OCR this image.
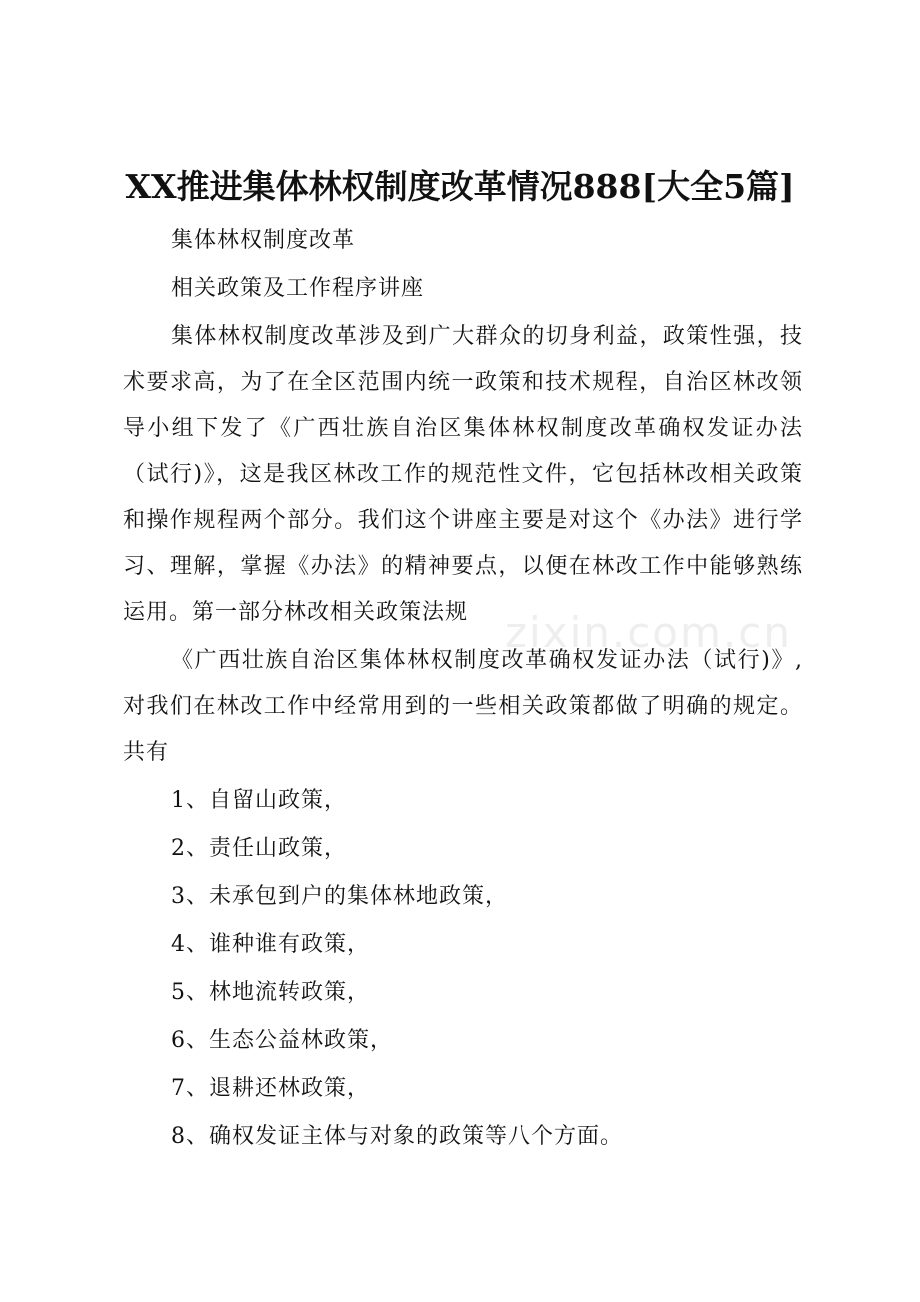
XX推进集体林权制度改革情况888[大全5篇]

集体林权制度改革

相关政策及工作程序讲座

集体林权制度改革涉及到广大群众的切身利益，政策性强，技术要求高，为了在全区范围内统一政策和技术规程，自治区林改领导小组下发了《广西壮族自治区集体林权制度改革确权发证办法（试行)》，这是我区林改工作的规范性文件，它包括林改相关政策和操作规程两个部分。我们这个讲座主要是对这个《办法》进行学习、理解，掌握《办法》的精神要点，以便在林改工作中能够熟练运用。第一部分林改相关政策法规

《广西壮族自治区集体林权制度改革确权发证办法（试行)》,对我们在林改工作中经常用到的一些相关政策都做了明确的规定。共有

1、自留山政策，

2、责任山政策，

3、未承包到户的集体林地政策，

4、谁种谁有政策，

5、林地流转政策，

6、生态公益林政策，

7、退耕还林政策，

8、确权发证主体与对象的政策等八个方面。

zixin.com.cn
